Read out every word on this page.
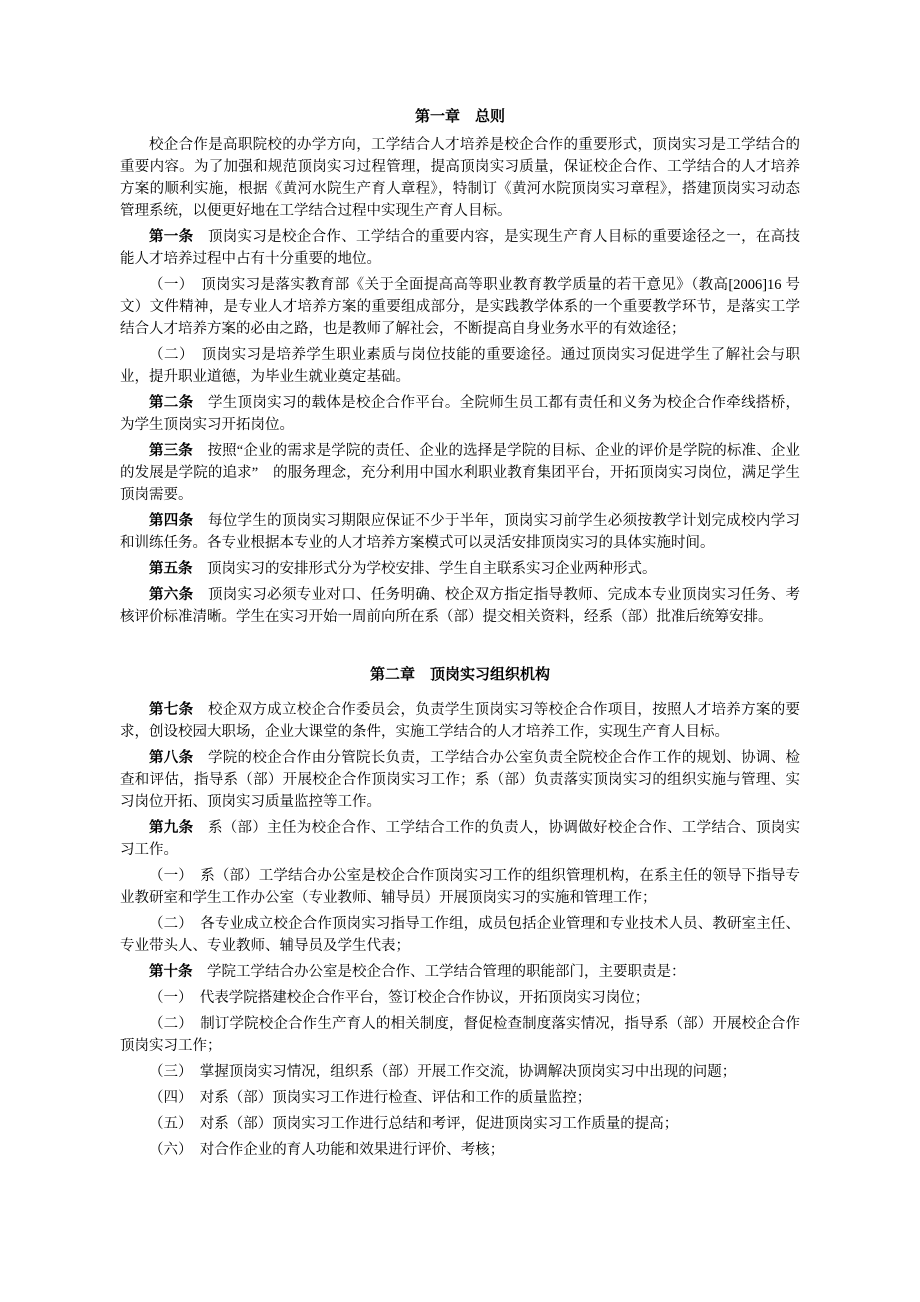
第一章　总则

校企合作是高职院校的办学方向，工学结合人才培养是校企合作的重要形式，顶岗实习是工学结合的重要内容。为了加强和规范顶岗实习过程管理，提高顶岗实习质量，保证校企合作、工学结合的人才培养方案的顺利实施，根据《黄河水院生产育人章程》，特制订《黄河水院顶岗实习章程》，搭建顶岗实习动态管理系统，以便更好地在工学结合过程中实现生产育人目标。

第一条 顶岗实习是校企合作、工学结合的重要内容，是实现生产育人目标的重要途径之一，在高技能人才培养过程中占有十分重要的地位。

（一）　顶岗实习是落实教育部《关于全面提高高等职业教育教学质量的若干意见》（教高[2006]16 号文）文件精神，是专业人才培养方案的重要组成部分，是实践教学体系的一个重要教学环节，是落实工学结合人才培养方案的必由之路，也是教师了解社会，不断提高自身业务水平的有效途径；

（二）　顶岗实习是培养学生职业素质与岗位技能的重要途径。通过顶岗实习促进学生了解社会与职业，提升职业道德，为毕业生就业奠定基础。

第二条 学生顶岗实习的载体是校企合作平台。全院师生员工都有责任和义务为校企合作牵线搭桥，为学生顶岗实习开拓岗位。

第三条 按照“企业的需求是学院的责任、企业的选择是学院的目标、企业的评价是学院的标准、企业的发展是学院的追求”　的服务理念，充分利用中国水利职业教育集团平台，开拓顶岗实习岗位，满足学生顶岗需要。

第四条 每位学生的顶岗实习期限应保证不少于半年，顶岗实习前学生必须按教学计划完成校内学习和训练任务。各专业根据本专业的人才培养方案模式可以灵活安排顶岗实习的具体实施时间。

第五条 顶岗实习的安排形式分为学校安排、学生自主联系实习企业两种形式。

第六条 顶岗实习必须专业对口、任务明确、校企双方指定指导教师、完成本专业顶岗实习任务、考核评价标准清晰。学生在实习开始一周前向所在系（部）提交相关资料，经系（部）批准后统筹安排。

第二章　顶岗实习组织机构

第七条 校企双方成立校企合作委员会，负责学生顶岗实习等校企合作项目，按照人才培养方案的要求，创设校园大职场，企业大课堂的条件，实施工学结合的人才培养工作，实现生产育人目标。

第八条 学院的校企合作由分管院长负责，工学结合办公室负责全院校企合作工作的规划、协调、检查和评估，指导系（部）开展校企合作顶岗实习工作；系（部）负责落实顶岗实习的组织实施与管理、实习岗位开拓、顶岗实习质量监控等工作。

第九条 系（部）主任为校企合作、工学结合工作的负责人，协调做好校企合作、工学结合、顶岗实习工作。

（一）　系（部）工学结合办公室是校企合作顶岗实习工作的组织管理机构，在系主任的领导下指导专业教研室和学生工作办公室（专业教师、辅导员）开展顶岗实习的实施和管理工作；

（二）　各专业成立校企合作顶岗实习指导工作组，成员包括企业管理和专业技术人员、教研室主任、专业带头人、专业教师、辅导员及学生代表；

第十条 学院工学结合办公室是校企合作、工学结合管理的职能部门，主要职责是：

（一）　代表学院搭建校企合作平台，签订校企合作协议，开拓顶岗实习岗位；

（二）　制订学院校企合作生产育人的相关制度，督促检查制度落实情况，指导系（部）开展校企合作顶岗实习工作；

（三）　掌握顶岗实习情况，组织系（部）开展工作交流，协调解决顶岗实习中出现的问题；

（四）　对系（部）顶岗实习工作进行检查、评估和工作的质量监控；

（五）　对系（部）顶岗实习工作进行总结和考评，促进顶岗实习工作质量的提高；

（六）　对合作企业的育人功能和效果进行评价、考核；
